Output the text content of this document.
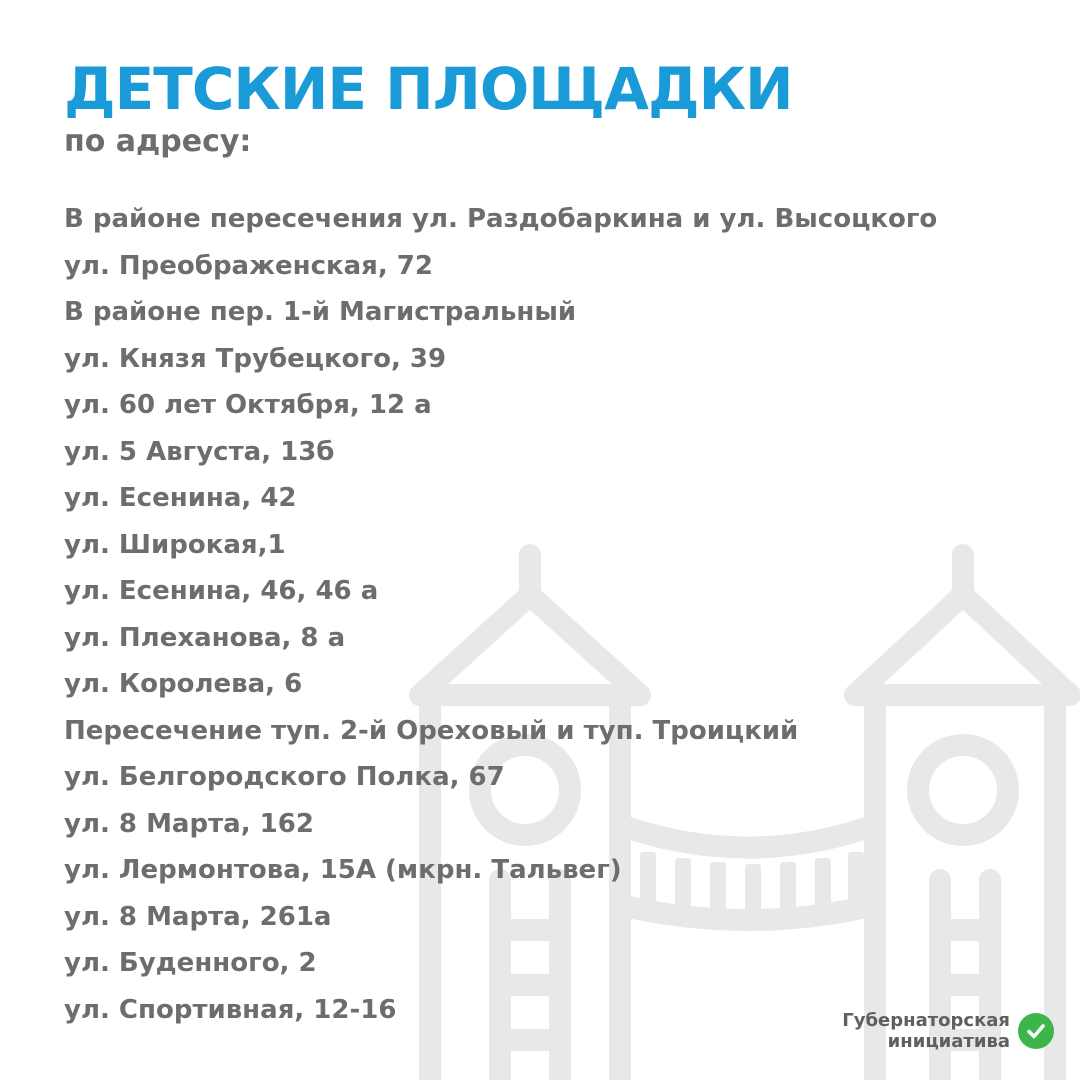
ДЕТСКИЕ ПЛОЩАДКИ

по адресу:

В районе пересечения ул. Раздобаркина и ул. Высоцкого
ул. Преображенская, 72
В районе пер. 1-й Магистральный
ул. Князя Трубецкого, 39
ул. 60 лет Октября, 12 а
ул. 5 Августа, 13б
ул. Есенина, 42
ул. Широкая,1
ул. Есенина, 46, 46 а
ул. Плеханова, 8 а
ул. Королева, 6
Пересечение туп. 2-й Ореховый и туп. Троицкий
ул. Белгородского Полка, 67
ул. 8 Марта, 162
ул. Лермонтова, 15А (мкрн. Тальвег)
ул. 8 Марта, 261а
ул. Буденного, 2
ул. Спортивная, 12-16	Губернаторская
инициатива
